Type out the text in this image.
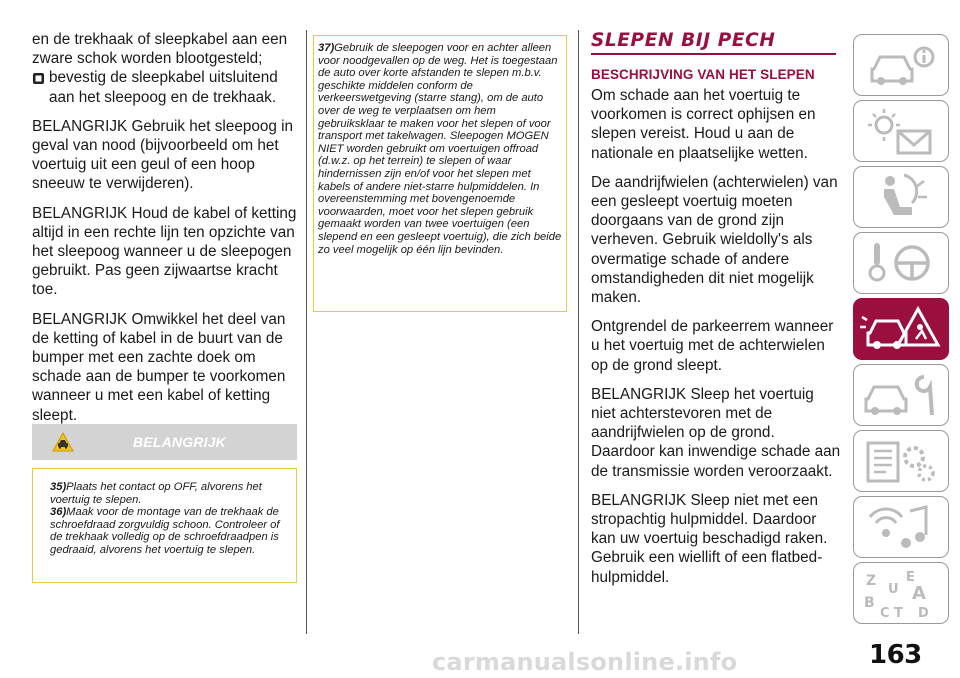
en de trekhaak of sleepkabel aan een zware schok worden blootgesteld;

bevestig de sleepkabel uitsluitend aan het sleepoog en de trekhaak.

BELANGRIJK Gebruik het sleepoog in geval van nood (bijvoorbeeld om het voertuig uit een geul of een hoop sneeuw te verwijderen).

BELANGRIJK Houd de kabel of ketting altijd in een rechte lijn ten opzichte van het sleepoog wanneer u de sleepogen gebruikt. Pas geen zijwaartse kracht toe.

BELANGRIJK Omwikkel het deel van de ketting of kabel in de buurt van de bumper met een zachte doek om schade aan de bumper te voorkomen wanneer u met een kabel of ketting sleept.

BELANGRIJK

35)Plaats het contact op OFF, alvorens het voertuig te slepen.

36)Maak voor de montage van de trekhaak de schroefdraad zorgvuldig schoon. Controleer of de trekhaak volledig op de schroefdraadpen is gedraaid, alvorens het voertuig te slepen.

37)Gebruik de sleepogen voor en achter alleen voor noodgevallen op de weg. Het is toegestaan de auto over korte afstanden te slepen m.b.v. geschikte middelen conform de verkeerswetgeving (starre stang), om de auto over de weg te verplaatsen om hem gebruiksklaar te maken voor het slepen of voor transport met takelwagen. Sleepogen MOGEN NIET worden gebruikt om voertuigen offroad (d.w.z. op het terrein) te slepen of waar hindernissen zijn en/of voor het slepen met kabels of andere niet-starre hulpmiddelen. In overeenstemming met bovengenoemde voorwaarden, moet voor het slepen gebruik gemaakt worden van twee voertuigen (een slepend en een gesleept voertuig), die zich beide zo veel mogelijk op één lijn bevinden.

SLEPEN BIJ PECH
BESCHRIJVING VAN HET SLEPEN

Om schade aan het voertuig te voorkomen is correct ophijsen en slepen vereist. Houd u aan de nationale en plaatselijke wetten.

De aandrijfwielen (achterwielen) van een gesleept voertuig moeten doorgaans van de grond zijn verheven. Gebruik wieldolly's als overmatige schade of andere omstandigheden dit niet mogelijk maken.

Ontgrendel de parkeerrem wanneer u het voertuig met de achterwielen op de grond sleept.

BELANGRIJK Sleep het voertuig niet achterstevoren met de aandrijfwielen op de grond. Daardoor kan inwendige schade aan de transmissie worden veroorzaakt.

BELANGRIJK Sleep niet met een stropachtig hulpmiddel. Daardoor kan uw voertuig beschadigd raken. Gebruik een wiellift of een flatbed-hulpmiddel.	Z E
U A
B
C T D
carmanualsonline.info	163
